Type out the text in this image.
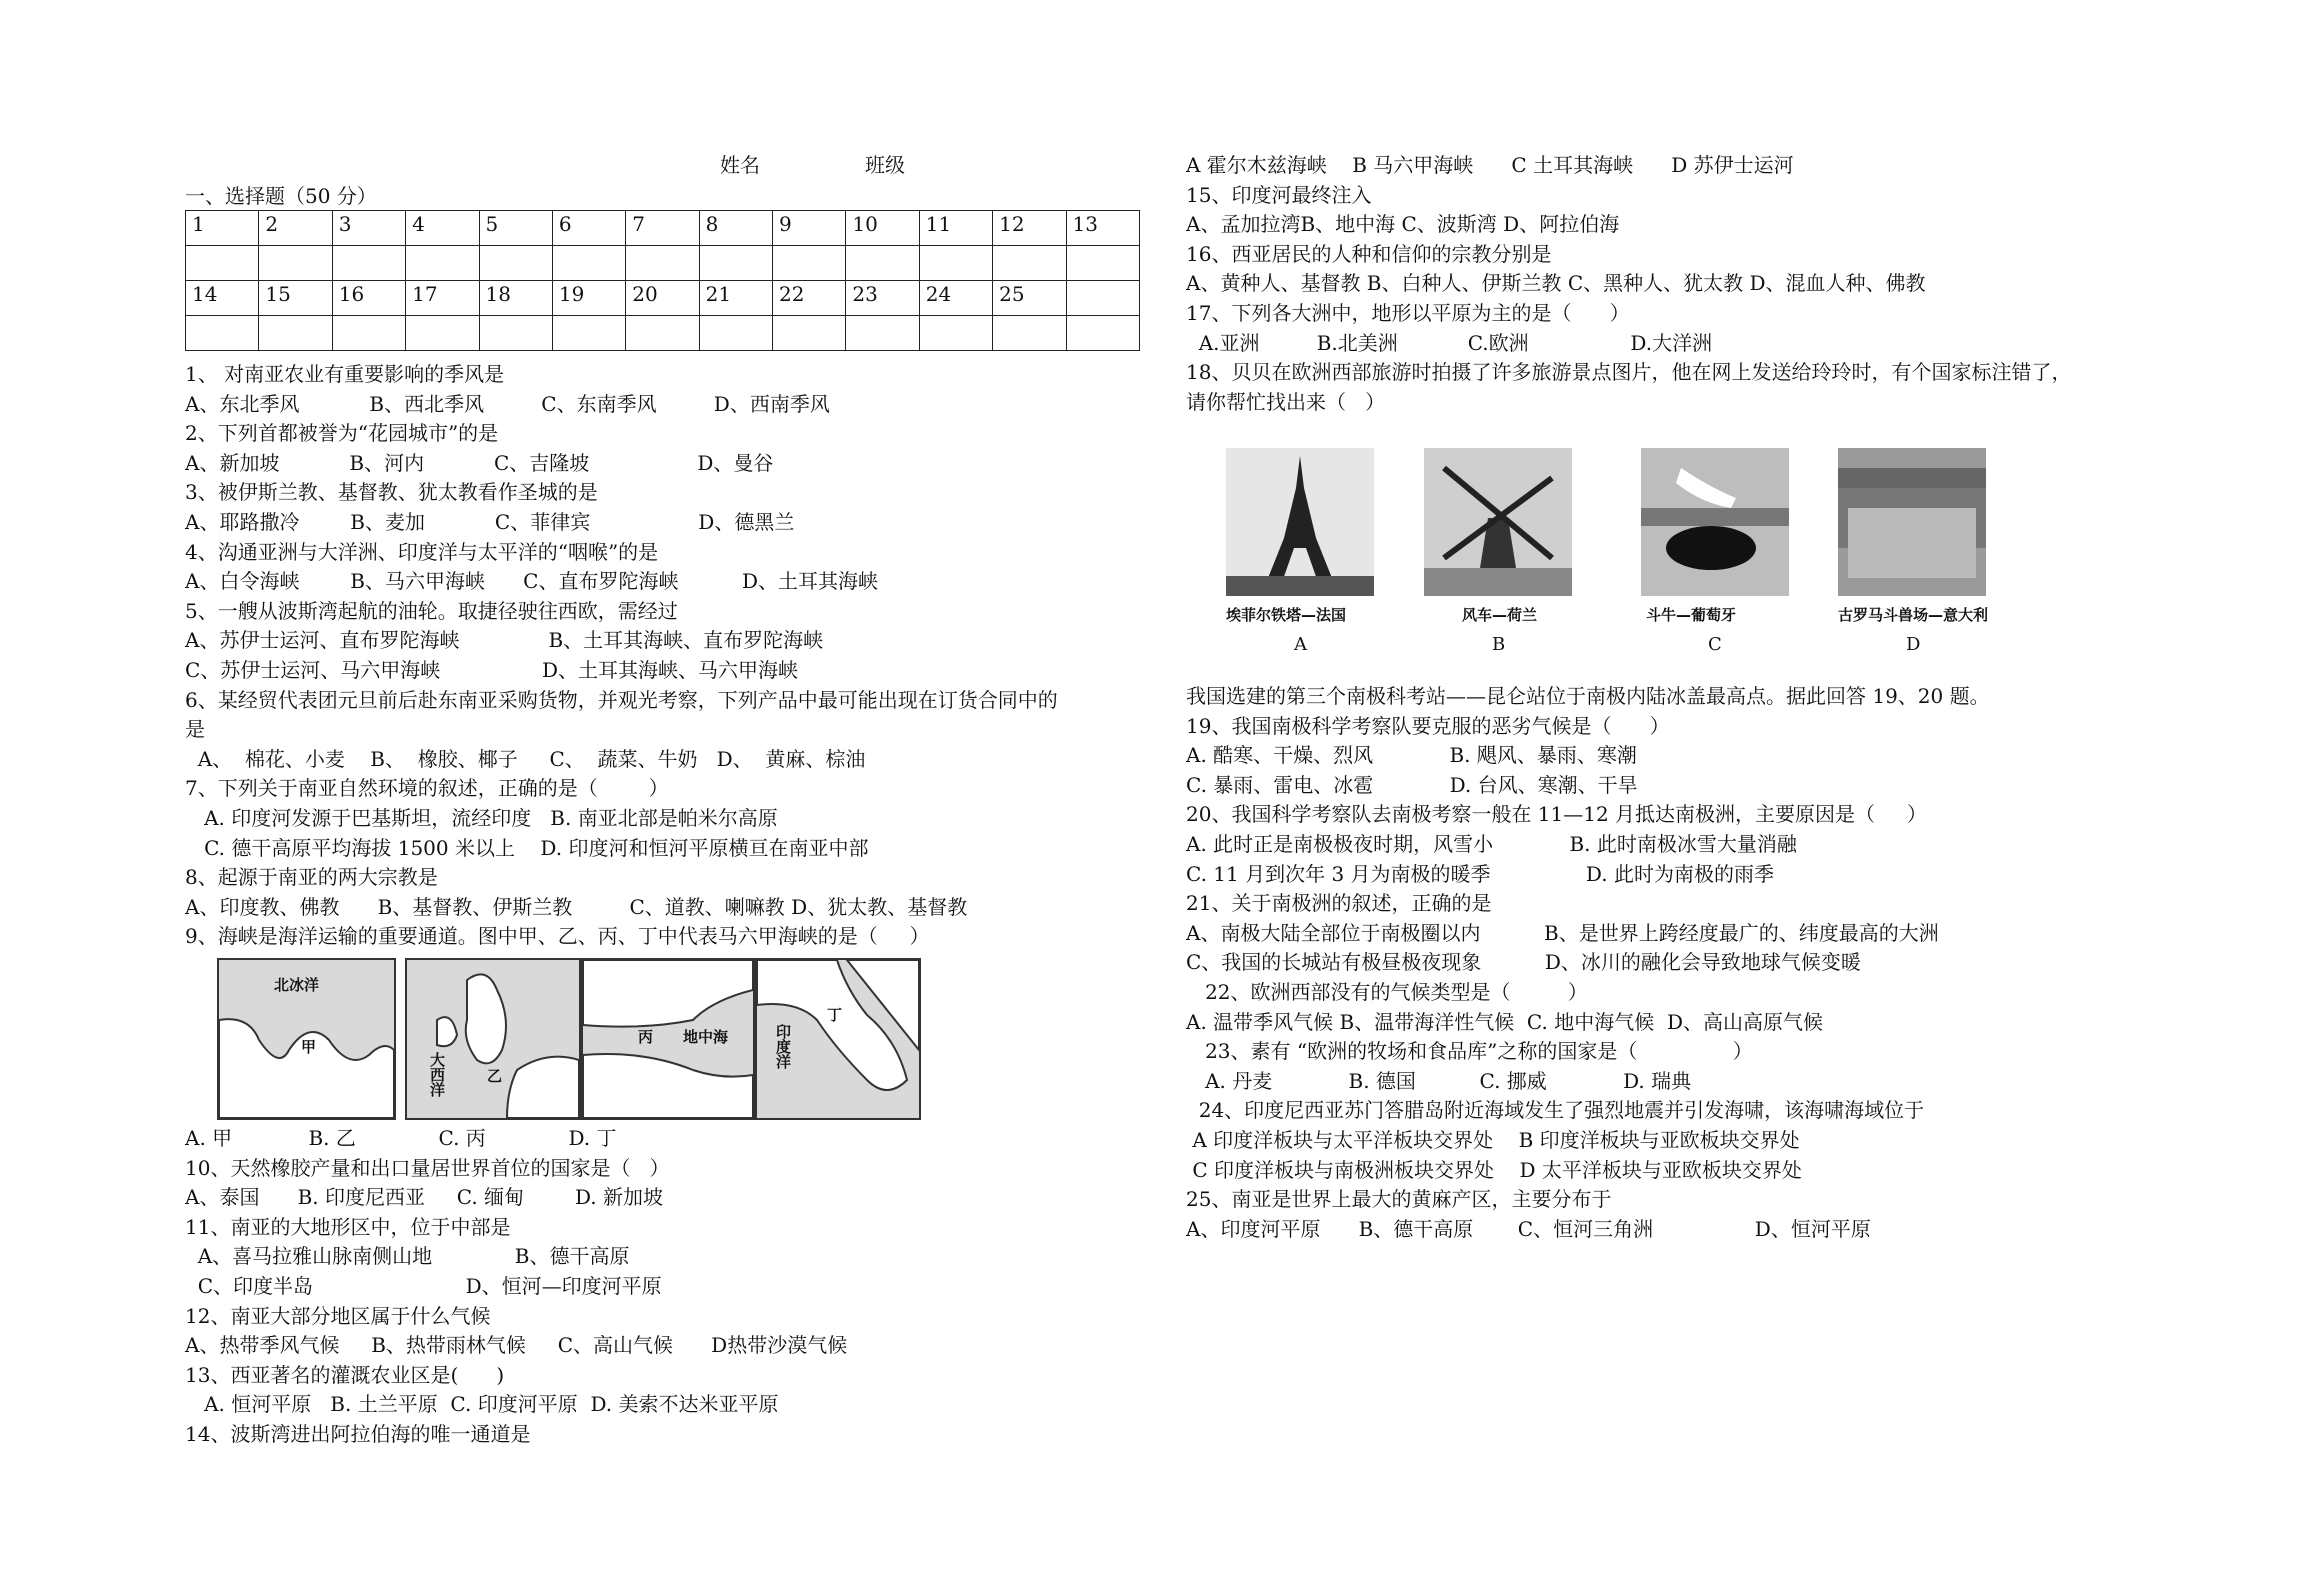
姓名	班级
一、选择题（50 分）
1	2	3	4	5	6	7	8	9	10	11	12	13

14	15	16	17	18	19	20	21	22	23	24	25	

1、 对南亚农业有重要影响的季风是
A、东北季风           B、西北季风         C、东南季风         D、西南季风
2、下列首都被誉为“花园城市”的是
A、新加坡           B、河内           C、吉隆坡                 D、曼谷
3、被伊斯兰教、基督教、犹太教看作圣城的是
A、耶路撒冷        B、麦加           C、菲律宾                 D、德黑兰
4、沟通亚洲与大洋洲、印度洋与太平洋的“咽喉”的是
A、白令海峡        B、马六甲海峡      C、直布罗陀海峡          D、土耳其海峡
5、一艘从波斯湾起航的油轮。取捷径驶往西欧，需经过
A、苏伊士运河、直布罗陀海峡              B、土耳其海峡、直布罗陀海峡
C、苏伊士运河、马六甲海峡                D、土耳其海峡、马六甲海峡
6、某经贸代表团元旦前后赴东南亚采购货物，并观光考察，下列产品中最可能出现在订货合同中的
是
A、  棉花、小麦    B、  橡胶、椰子     C、  蔬菜、牛奶   D、  黄麻、棕油
7、下列关于南亚自然环境的叙述，正确的是（        ）
A. 印度河发源于巴基斯坦，流经印度   B. 南亚北部是帕米尔高原
C. 德干高原平均海拔 1500 米以上    D. 印度河和恒河平原横亘在南亚中部
8、起源于南亚的两大宗教是
A、印度教、佛教      B、基督教、伊斯兰教         C、道教、喇嘛教 D、犹太教、基督教
9、海峡是海洋运输的重要通道。图中甲、乙、丙、丁中代表马六甲海峡的是（     ）
北冰洋
甲
大西洋	乙
丙 地中海
丁
印度洋
A. 甲            B. 乙             C. 丙             D. 丁
10、天然橡胶产量和出口量居世界首位的国家是（   ）
A、泰国      B. 印度尼西亚     C. 缅甸        D. 新加坡
11、南亚的大地形区中，位于中部是
A、喜马拉雅山脉南侧山地             B、德干高原
C、印度半岛                        D、恒河—印度河平原
12、南亚大部分地区属于什么气候
A、热带季风气候     B、热带雨林气候     C、高山气候      D热带沙漠气候
13、西亚著名的灌溉农业区是(      )
A. 恒河平原   B. 土兰平原  C. 印度河平原  D. 美索不达米亚平原
14、波斯湾进出阿拉伯海的唯一通道是
A 霍尔木兹海峡    B 马六甲海峡      C 土耳其海峡      D 苏伊士运河
15、印度河最终注入
A、孟加拉湾B、地中海 C、波斯湾 D、阿拉伯海
16、西亚居民的人种和信仰的宗教分别是
A、黄种人、基督教 B、白种人、伊斯兰教 C、黑种人、犹太教 D、混血人种、佛教
17、下列各大洲中，地形以平原为主的是（      ）
A.亚洲         B.北美洲           C.欧洲                D.大洋洲
18、贝贝在欧洲西部旅游时拍摄了许多旅游景点图片，他在网上发送给玲玲时，有个国家标注错了，
请你帮忙找出来（   ）
埃菲尔铁塔—法国	风车—荷兰	斗牛—葡萄牙	古罗马斗兽场—意大利
A	B	C	D
我国选建的第三个南极科考站——昆仑站位于南极内陆冰盖最高点。据此回答 19、20 题。
19、我国南极科学考察队要克服的恶劣气候是（      ）
A. 酷寒、干燥、烈风            B. 飓风、暴雨、寒潮
C. 暴雨、雷电、冰雹            D. 台风、寒潮、干旱
20、我国科学考察队去南极考察一般在 11—12 月抵达南极洲，主要原因是（     ）
A. 此时正是南极极夜时期，风雪小            B. 此时南极冰雪大量消融
C. 11 月到次年 3 月为南极的暖季               D. 此时为南极的雨季
21、关于南极洲的叙述，正确的是
A、南极大陆全部位于南极圈以内          B、是世界上跨经度最广的、纬度最高的大洲
C、我国的长城站有极昼极夜现象          D、冰川的融化会导致地球气候变暖
22、欧洲西部没有的气候类型是（         ）
A. 温带季风气候 B、温带海洋性气候  C. 地中海气候  D、高山高原气候
23、素有 “欧洲的牧场和食品库”之称的国家是（               ）
A. 丹麦            B. 德国          C. 挪威            D. 瑞典
24、印度尼西亚苏门答腊岛附近海域发生了强烈地震并引发海啸，该海啸海域位于
A 印度洋板块与太平洋板块交界处    B 印度洋板块与亚欧板块交界处
C 印度洋板块与南极洲板块交界处    D 太平洋板块与亚欧板块交界处
25、南亚是世界上最大的黄麻产区，主要分布于
A、印度河平原      B、德干高原       C、恒河三角洲                D、恒河平原
